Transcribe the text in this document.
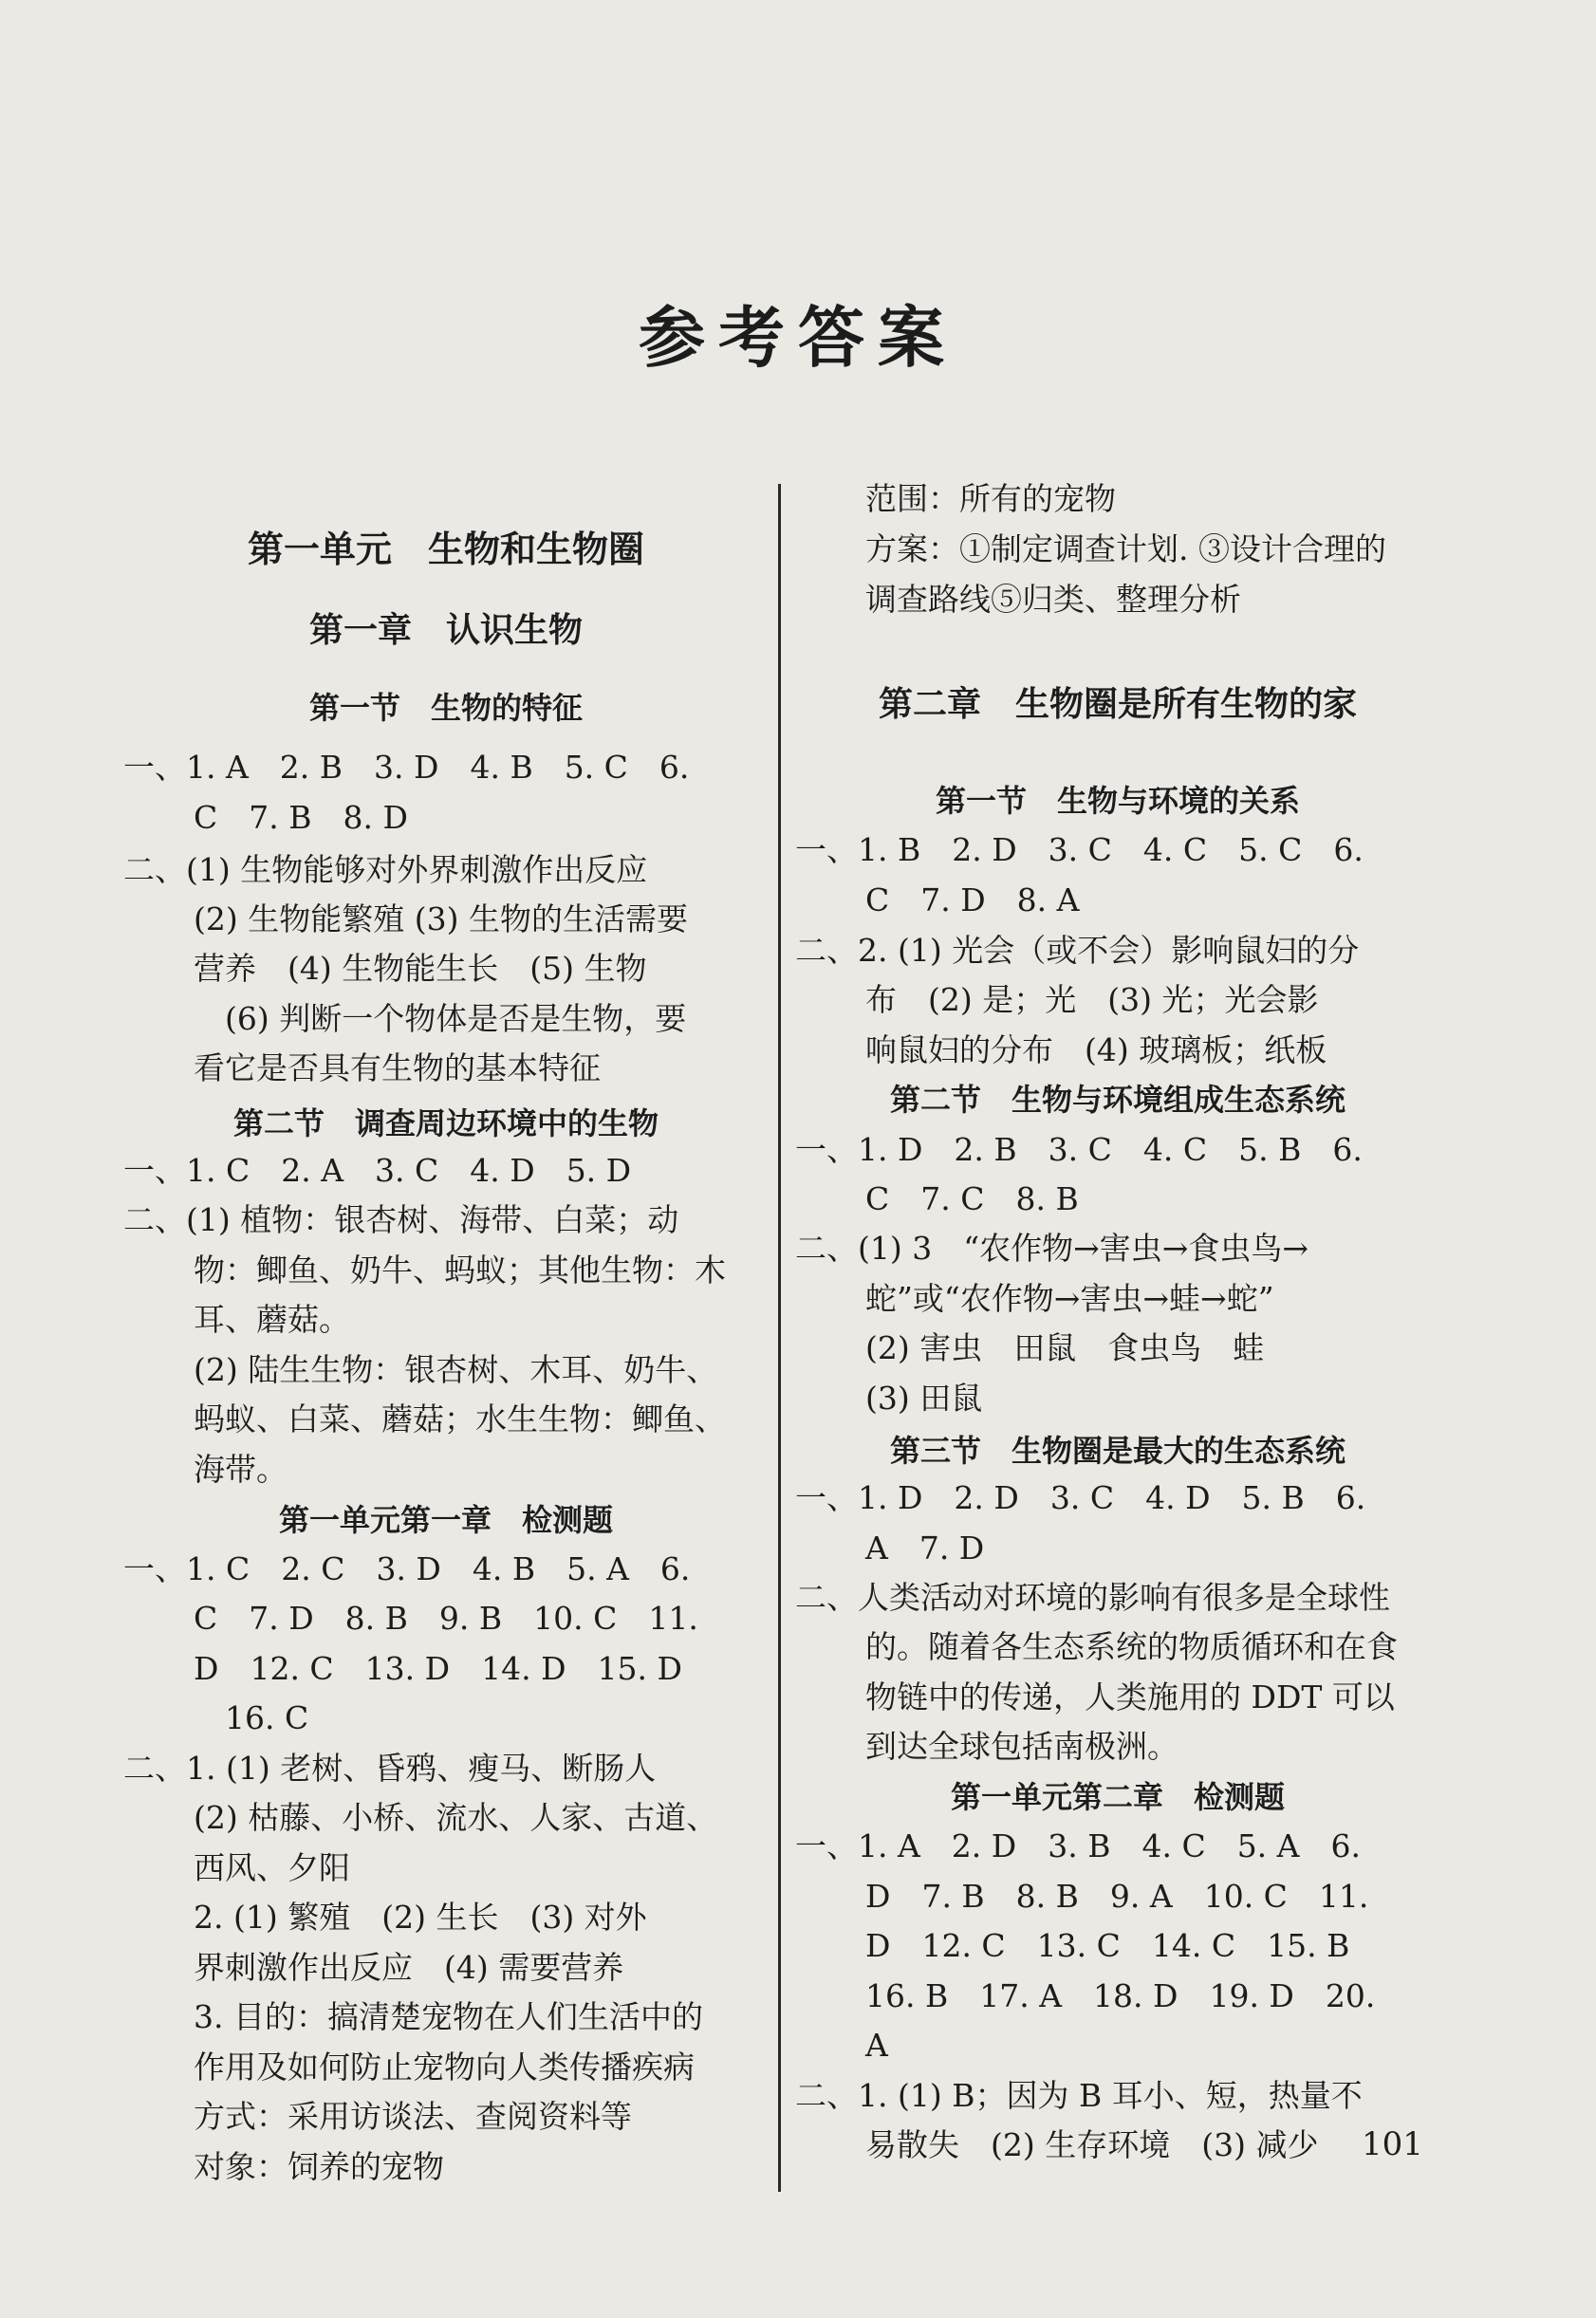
参考答案
第一单元　生物和生物圈
第一章　认识生物
第一节　生物的特征
一、1. A　2. B　3. D　4. B　5. C　6.
C　7. B　8. D
二、(1) 生物能够对外界刺激作出反应
(2) 生物能繁殖 (3) 生物的生活需要
营养　(4) 生物能生长　(5) 生物
　(6) 判断一个物体是否是生物，要
看它是否具有生物的基本特征
第二节　调查周边环境中的生物
一、1. C　2. A　3. C　4. D　5. D
二、(1) 植物：银杏树、海带、白菜；动
物：鲫鱼、奶牛、蚂蚁；其他生物：木
耳、蘑菇。
(2) 陆生生物：银杏树、木耳、奶牛、
蚂蚁、白菜、蘑菇；水生生物：鲫鱼、
海带。
第一单元第一章　检测题
一、1. C　2. C　3. D　4. B　5. A　6.
C　7. D　8. B　9. B　10. C　11.
D　12. C　13. D　14. D　15. D
　16. C
二、1. (1) 老树、昏鸦、瘦马、断肠人
(2) 枯藤、小桥、流水、人家、古道、
西风、夕阳
2. (1) 繁殖　(2) 生长　(3) 对外
界刺激作出反应　(4) 需要营养
3. 目的：搞清楚宠物在人们生活中的
作用及如何防止宠物向人类传播疾病
方式：采用访谈法、查阅资料等
对象：饲养的宠物
范围：所有的宠物
方案：①制定调查计划. ③设计合理的
调查路线⑤归类、整理分析
第二章　生物圈是所有生物的家
第一节　生物与环境的关系
一、1. B　2. D　3. C　4. C　5. C　6.
C　7. D　8. A
二、2. (1) 光会（或不会）影响鼠妇的分
布　(2) 是；光　(3) 光；光会影
响鼠妇的分布　(4) 玻璃板；纸板
第二节　生物与环境组成生态系统
一、1. D　2. B　3. C　4. C　5. B　6.
C　7. C　8. B
二、(1) 3　“农作物→害虫→食虫鸟→
蛇”或“农作物→害虫→蛙→蛇”
(2) 害虫　田鼠　食虫鸟　蛙
(3) 田鼠
第三节　生物圈是最大的生态系统
一、1. D　2. D　3. C　4. D　5. B　6.
A　7. D
二、人类活动对环境的影响有很多是全球性
的。随着各生态系统的物质循环和在食
物链中的传递，人类施用的 DDT 可以
到达全球包括南极洲。
第一单元第二章　检测题
一、1. A　2. D　3. B　4. C　5. A　6.
D　7. B　8. B　9. A　10. C　11.
D　12. C　13. C　14. C　15. B
16. B　17. A　18. D　19. D　20.
A
二、1. (1) B；因为 B 耳小、短，热量不
易散失　(2) 生存环境　(3) 减少	101
